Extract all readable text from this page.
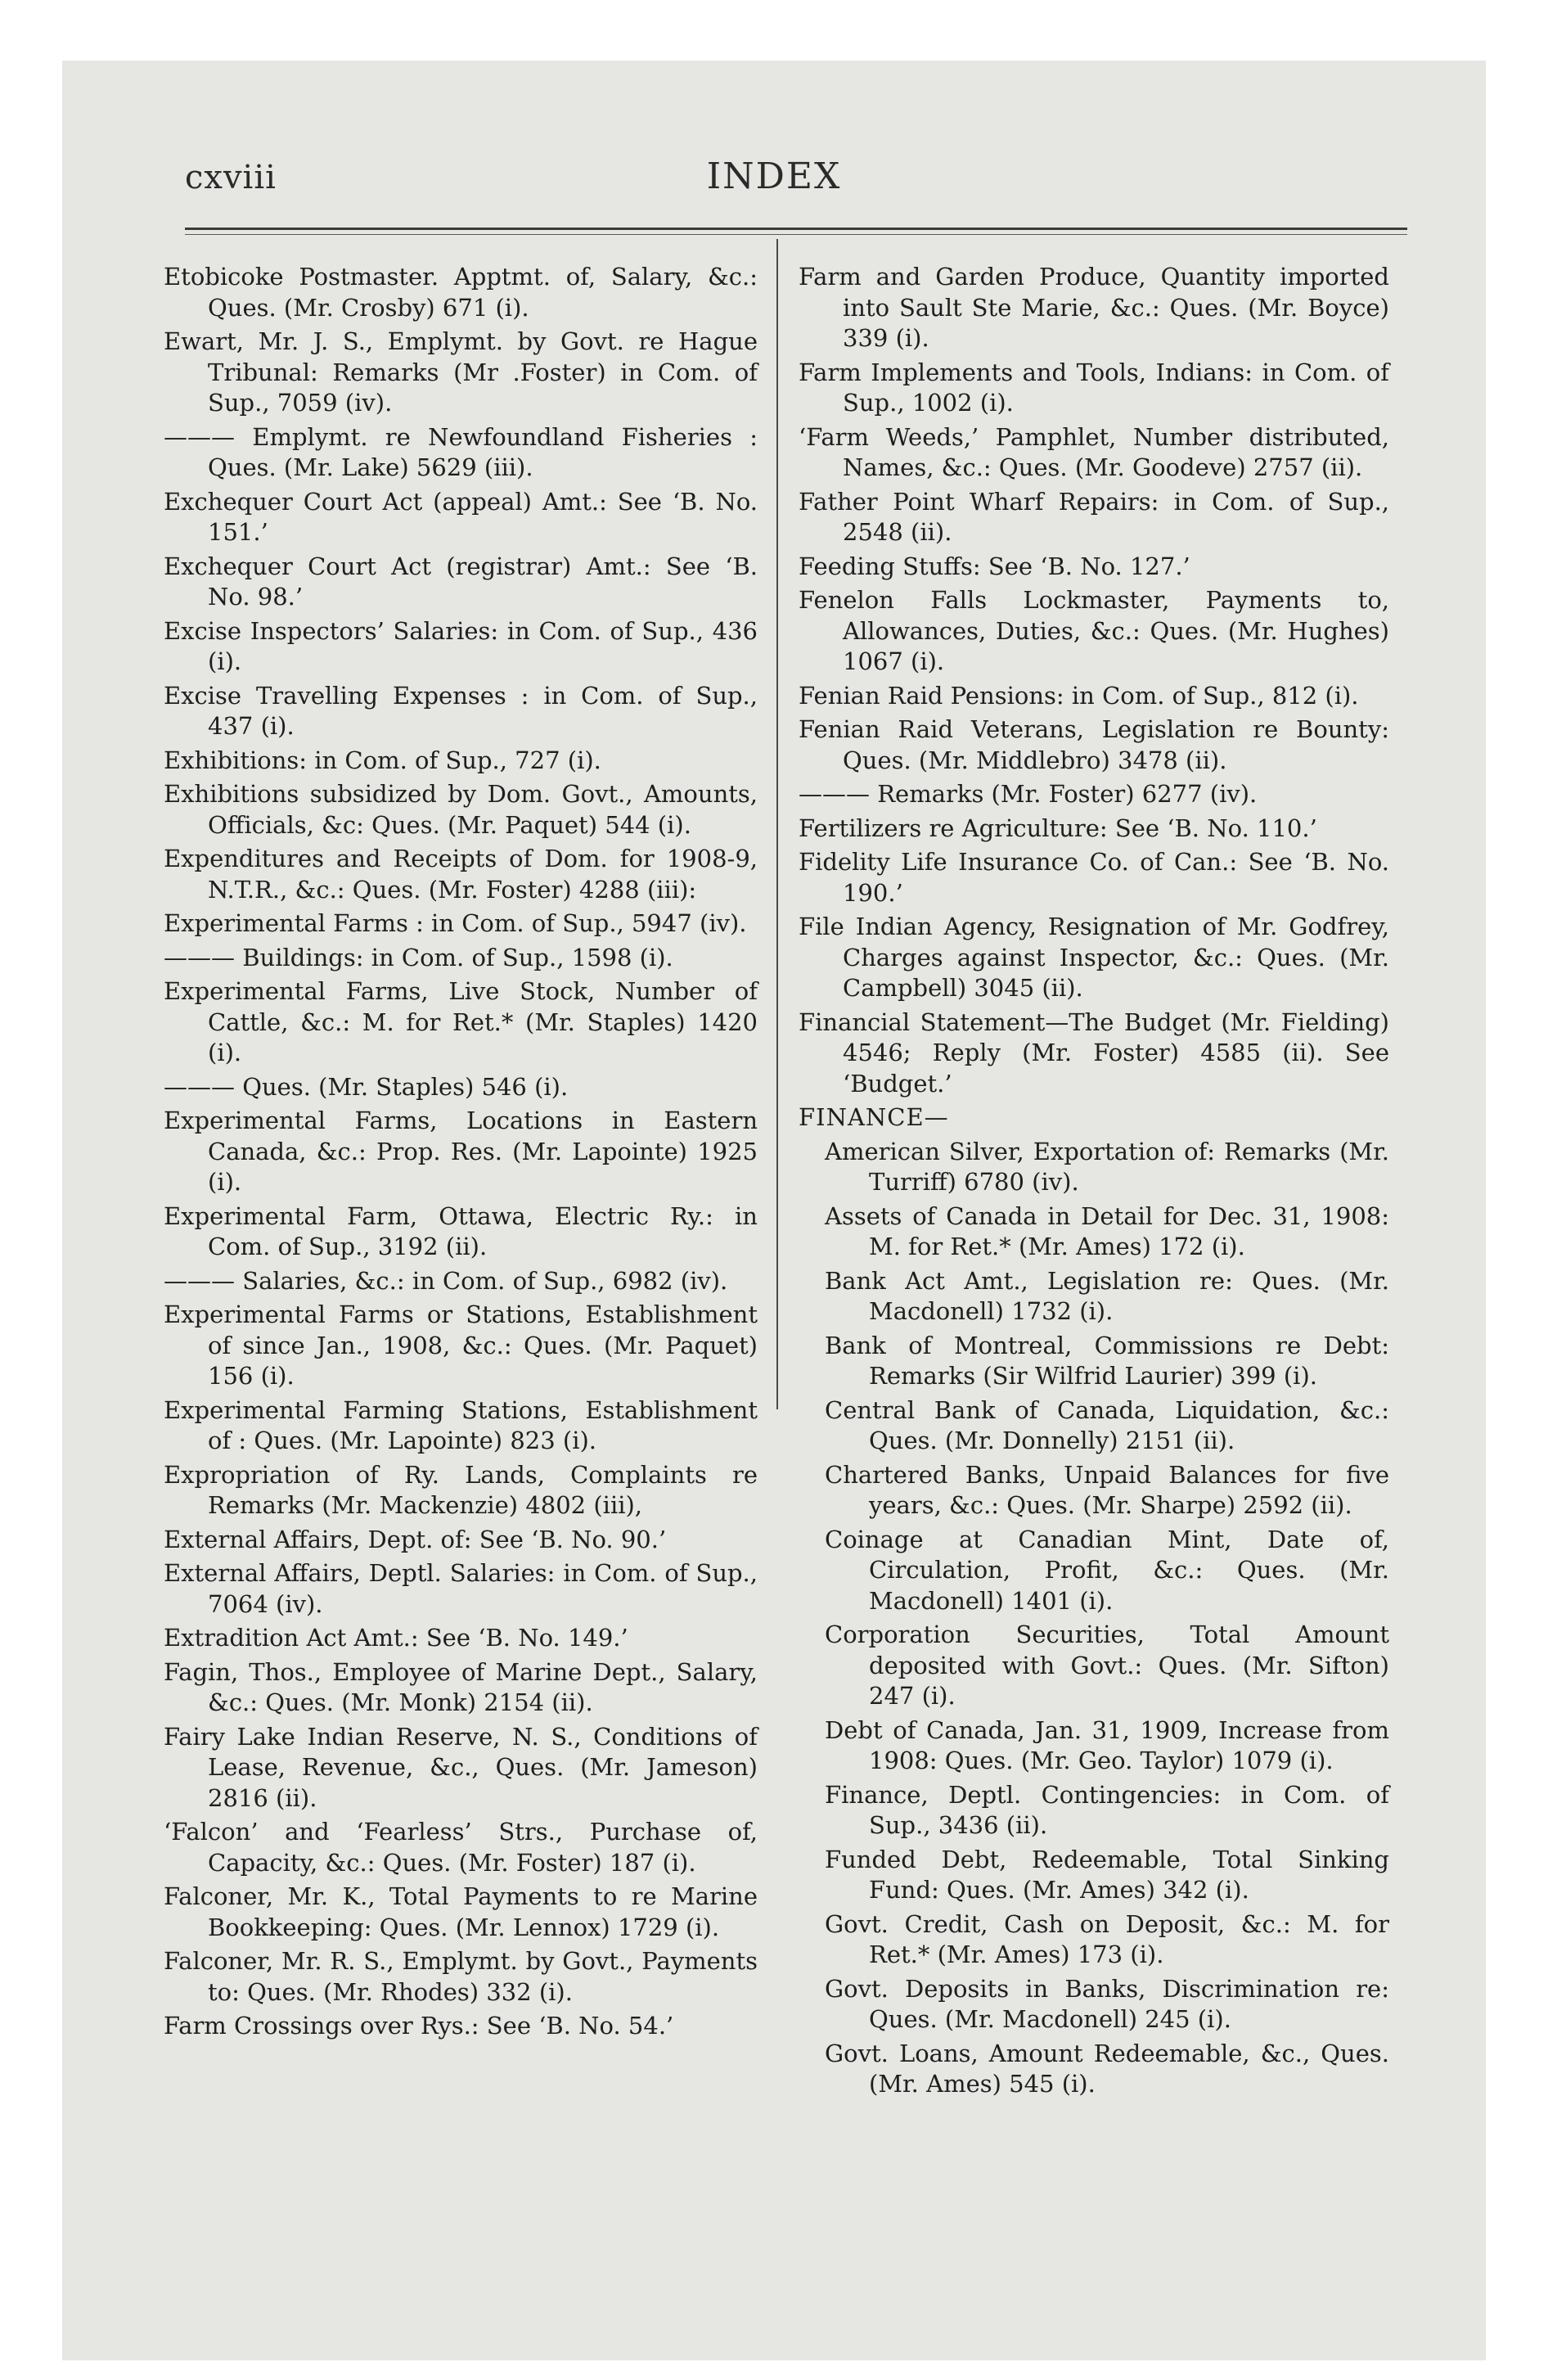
cxviii	INDEX

Etobicoke Postmaster. Apptmt. of, Salary, &c.: Ques. (Mr. Crosby) 671 (i).

Ewart, Mr. J. S., Emplymt. by Govt. re Hague Tribunal: Remarks (Mr .Foster) in Com. of Sup., 7059 (iv).

——— Emplymt. re Newfoundland Fisheries : Ques. (Mr. Lake) 5629 (iii).

Exchequer Court Act (appeal) Amt.: See ‘B. No. 151.’

Exchequer Court Act (registrar) Amt.: See ‘B. No. 98.’

Excise Inspectors’ Salaries: in Com. of Sup., 436 (i).

Excise Travelling Expenses : in Com. of Sup., 437 (i).

Exhibitions: in Com. of Sup., 727 (i).

Exhibitions subsidized by Dom. Govt., Amounts, Officials, &c: Ques. (Mr. Paquet) 544 (i).

Expenditures and Receipts of Dom. for 1908-9, N.T.R., &c.: Ques. (Mr. Foster) 4288 (iii):

Experimental Farms : in Com. of Sup., 5947 (iv).

——— Buildings: in Com. of Sup., 1598 (i).

Experimental Farms, Live Stock, Number of Cattle, &c.: M. for Ret.* (Mr. Staples) 1420 (i).

——— Ques. (Mr. Staples) 546 (i).

Experimental Farms, Locations in Eastern Canada, &c.: Prop. Res. (Mr. Lapointe) 1925 (i).

Experimental Farm, Ottawa, Electric Ry.: in Com. of Sup., 3192 (ii).

——— Salaries, &c.: in Com. of Sup., 6982 (iv).

Experimental Farms or Stations, Establishment of since Jan., 1908, &c.: Ques. (Mr. Paquet) 156 (i).

Experimental Farming Stations, Establishment of : Ques. (Mr. Lapointe) 823 (i).

Expropriation of Ry. Lands, Complaints re Remarks (Mr. Mackenzie) 4802 (iii),

External Affairs, Dept. of: See ‘B. No. 90.’

External Affairs, Deptl. Salaries: in Com. of Sup., 7064 (iv).

Extradition Act Amt.: See ‘B. No. 149.’

Fagin, Thos., Employee of Marine Dept., Salary, &c.: Ques. (Mr. Monk) 2154 (ii).

Fairy Lake Indian Reserve, N. S., Conditions of Lease, Revenue, &c., Ques. (Mr. Jameson) 2816 (ii).

‘Falcon’ and ‘Fearless’ Strs., Purchase of, Capacity, &c.: Ques. (Mr. Foster) 187 (i).

Falconer, Mr. K., Total Payments to re Marine Bookkeeping: Ques. (Mr. Lennox) 1729 (i).

Falconer, Mr. R. S., Emplymt. by Govt., Payments to: Ques. (Mr. Rhodes) 332 (i).

Farm Crossings over Rys.: See ‘B. No. 54.’

Farm and Garden Produce, Quantity imported into Sault Ste Marie, &c.: Ques. (Mr. Boyce) 339 (i).

Farm Implements and Tools, Indians: in Com. of Sup., 1002 (i).

‘Farm Weeds,’ Pamphlet, Number distributed, Names, &c.: Ques. (Mr. Goodeve) 2757 (ii).

Father Point Wharf Repairs: in Com. of Sup., 2548 (ii).

Feeding Stuffs: See ‘B. No. 127.’

Fenelon Falls Lockmaster, Payments to, Allowances, Duties, &c.: Ques. (Mr. Hughes) 1067 (i).

Fenian Raid Pensions: in Com. of Sup., 812 (i).

Fenian Raid Veterans, Legislation re Bounty: Ques. (Mr. Middlebro) 3478 (ii).

——— Remarks (Mr. Foster) 6277 (iv).

Fertilizers re Agriculture: See ‘B. No. 110.’

Fidelity Life Insurance Co. of Can.: See ‘B. No. 190.’

File Indian Agency, Resignation of Mr. Godfrey, Charges against Inspector, &c.: Ques. (Mr. Campbell) 3045 (ii).

Financial Statement—The Budget (Mr. Fielding) 4546; Reply (Mr. Foster) 4585 (ii). See ‘Budget.’

FINANCE—

American Silver, Exportation of: Remarks (Mr. Turriff) 6780 (iv).

Assets of Canada in Detail for Dec. 31, 1908: M. for Ret.* (Mr. Ames) 172 (i).

Bank Act Amt., Legislation re: Ques. (Mr. Macdonell) 1732 (i).

Bank of Montreal, Commissions re Debt: Remarks (Sir Wilfrid Laurier) 399 (i).

Central Bank of Canada, Liquidation, &c.: Ques. (Mr. Donnelly) 2151 (ii).

Chartered Banks, Unpaid Balances for five years, &c.: Ques. (Mr. Sharpe) 2592 (ii).

Coinage at Canadian Mint, Date of, Circulation, Profit, &c.: Ques. (Mr. Macdonell) 1401 (i).

Corporation Securities, Total Amount deposited with Govt.: Ques. (Mr. Sifton) 247 (i).

Debt of Canada, Jan. 31, 1909, Increase from 1908: Ques. (Mr. Geo. Taylor) 1079 (i).

Finance, Deptl. Contingencies: in Com. of Sup., 3436 (ii).

Funded Debt, Redeemable, Total Sinking Fund: Ques. (Mr. Ames) 342 (i).

Govt. Credit, Cash on Deposit, &c.: M. for Ret.* (Mr. Ames) 173 (i).

Govt. Deposits in Banks, Discrimination re: Ques. (Mr. Macdonell) 245 (i).

Govt. Loans, Amount Redeemable, &c., Ques. (Mr. Ames) 545 (i).
